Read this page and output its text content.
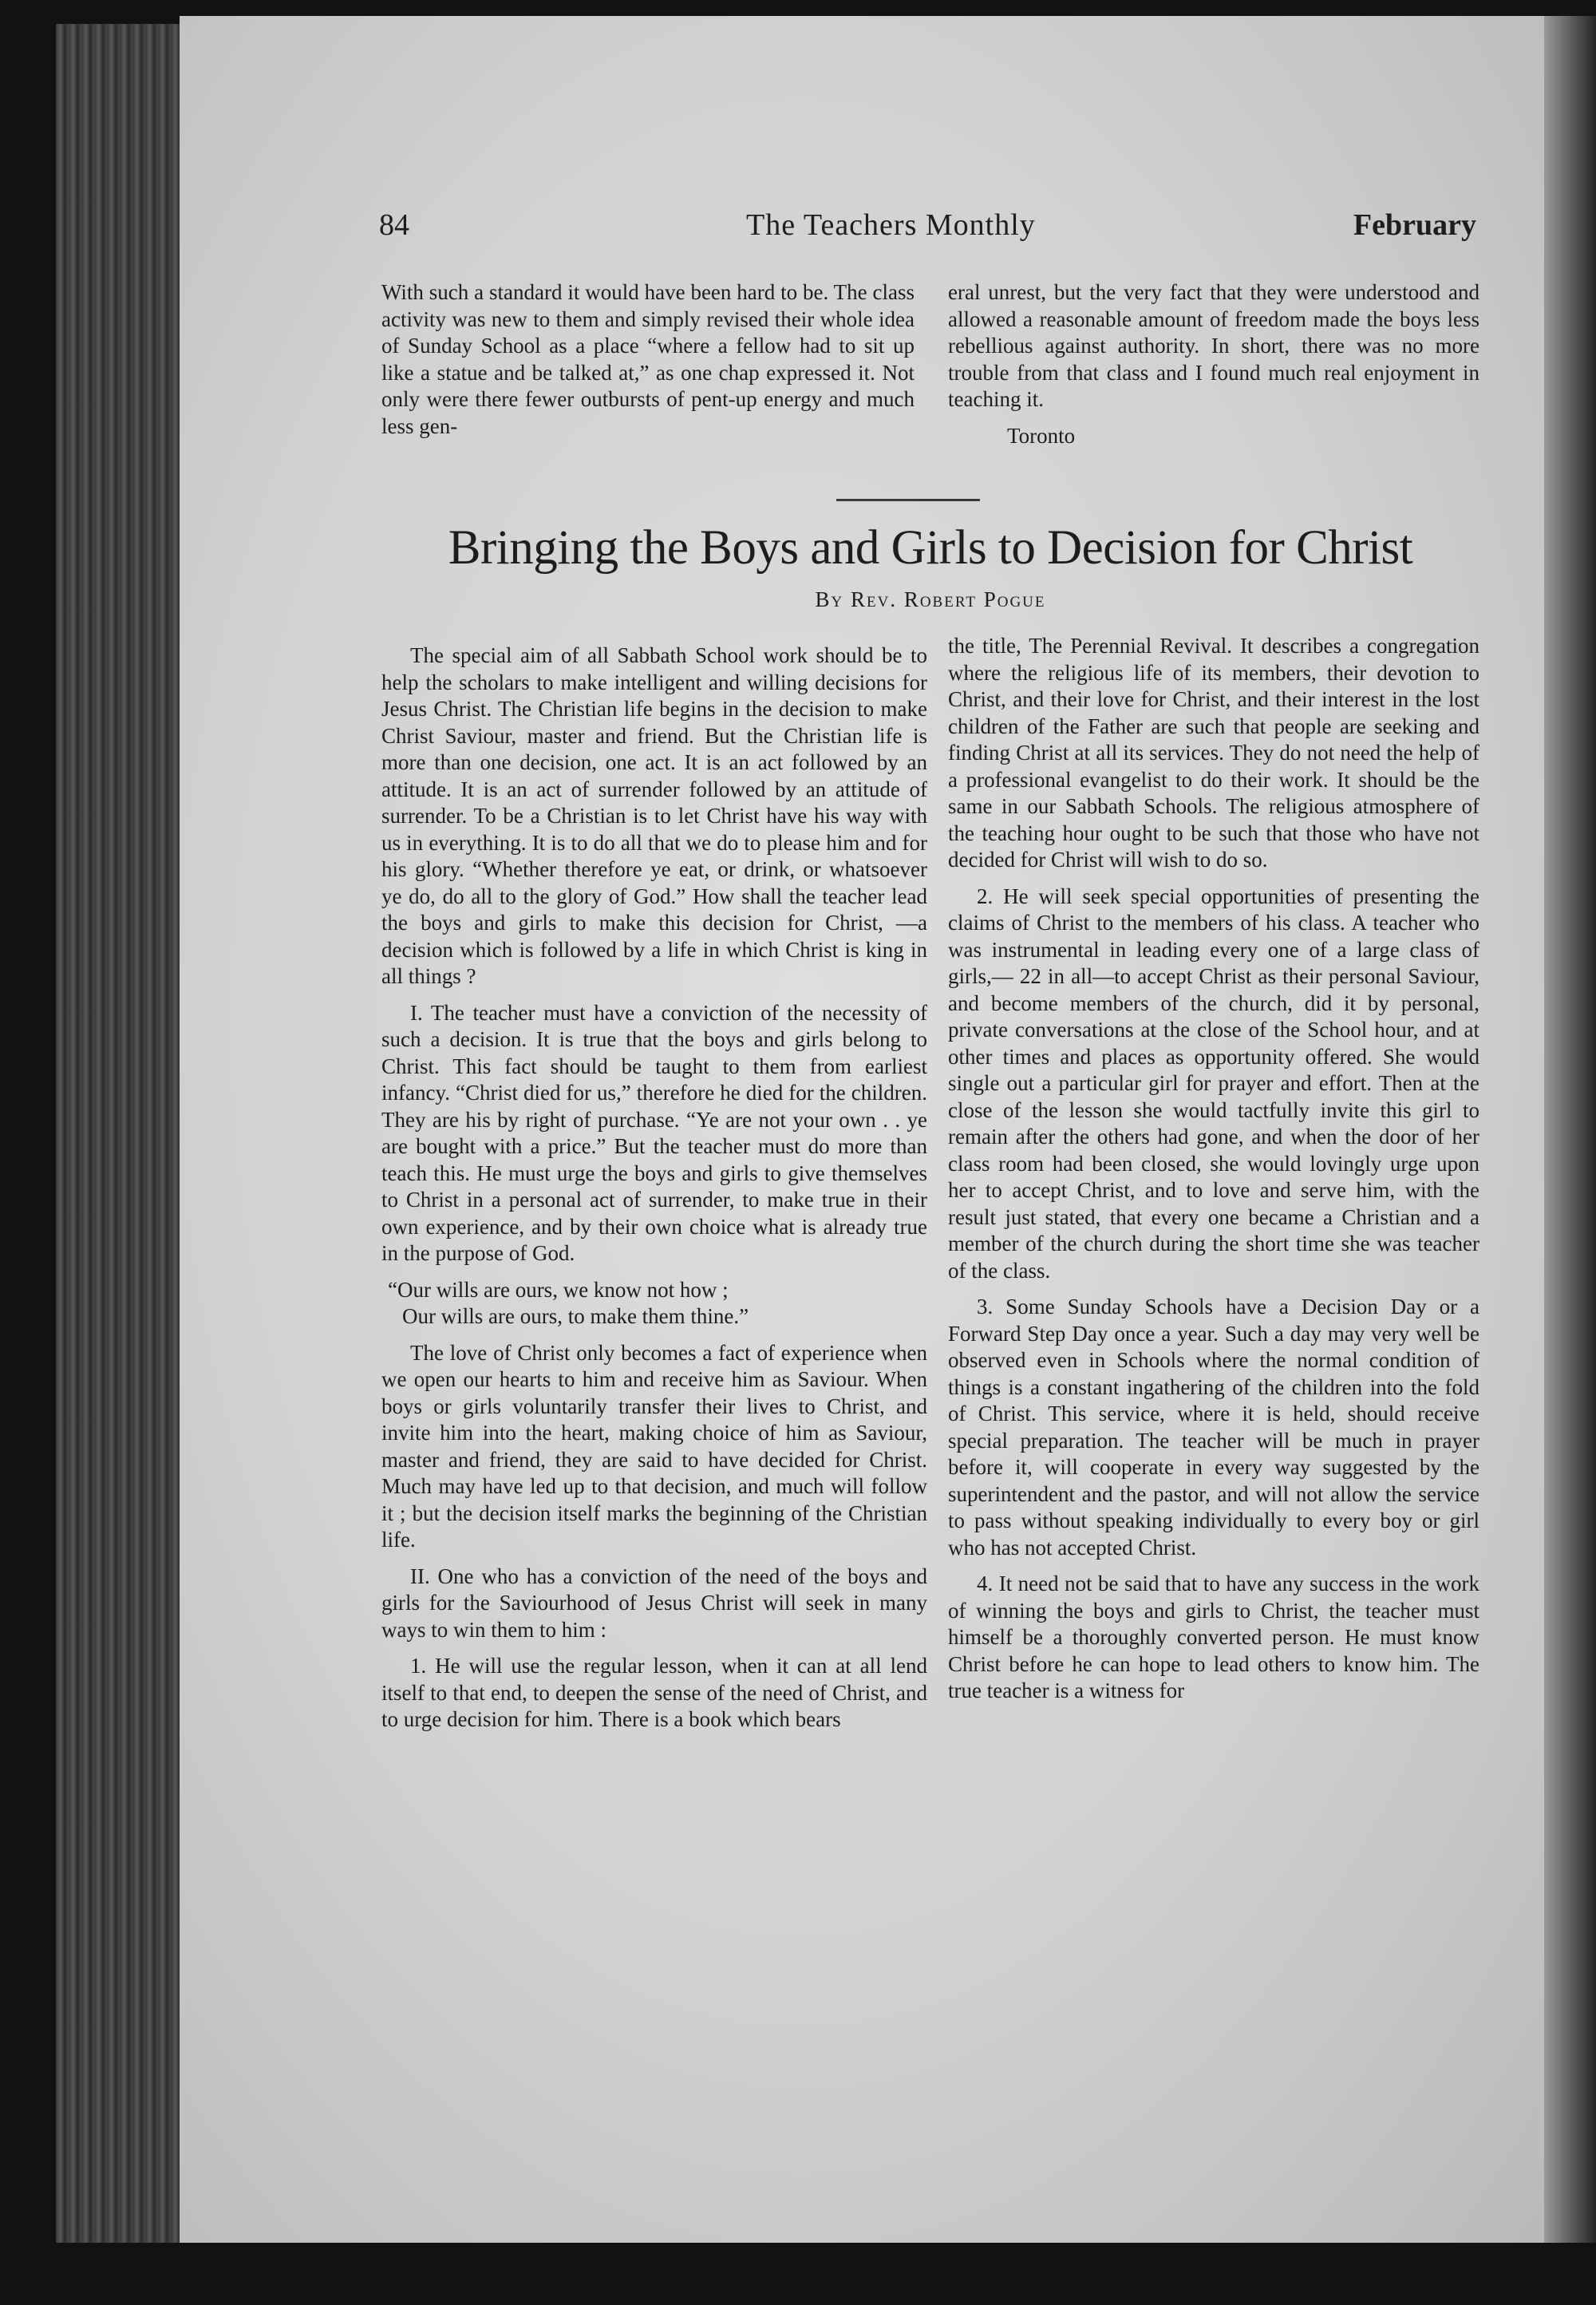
84	The Teachers Monthly	February

With such a standard it would have been hard to be. The class activity was new to them and simply revised their whole idea of Sunday School as a place “where a fellow had to sit up like a statue and be talked at,” as one chap expressed it. Not only were there fewer outbursts of pent-up energy and much less gen-

eral unrest, but the very fact that they were understood and allowed a reasonable amount of freedom made the boys less rebellious against authority. In short, there was no more trouble from that class and I found much real enjoyment in teaching it.

Toronto

Bringing the Boys and Girls to Decision for Christ
By Rev. Robert Pogue

The special aim of all Sabbath School work should be to help the scholars to make intelligent and willing decisions for Jesus Christ. The Christian life begins in the decision to make Christ Saviour, master and friend. But the Christian life is more than one decision, one act. It is an act followed by an attitude. It is an act of surrender followed by an attitude of surrender. To be a Christian is to let Christ have his way with us in everything. It is to do all that we do to please him and for his glory. “Whether therefore ye eat, or drink, or whatsoever ye do, do all to the glory of God.” How shall the teacher lead the boys and girls to make this decision for Christ, —a decision which is followed by a life in which Christ is king in all things ?

I. The teacher must have a conviction of the necessity of such a decision. It is true that the boys and girls belong to Christ. This fact should be taught to them from earliest infancy. “Christ died for us,” therefore he died for the children. They are his by right of purchase. “Ye are not your own . . ye are bought with a price.” But the teacher must do more than teach this. He must urge the boys and girls to give themselves to Christ in a personal act of surrender, to make true in their own experience, and by their own choice what is already true in the purpose of God.

“Our wills are ours, we know not how ;

Our wills are ours, to make them thine.”

The love of Christ only becomes a fact of experience when we open our hearts to him and receive him as Saviour. When boys or girls voluntarily transfer their lives to Christ, and invite him into the heart, making choice of him as Saviour, master and friend, they are said to have decided for Christ. Much may have led up to that decision, and much will follow it ; but the decision itself marks the beginning of the Christian life.

II. One who has a conviction of the need of the boys and girls for the Saviourhood of Jesus Christ will seek in many ways to win them to him :

1. He will use the regular lesson, when it can at all lend itself to that end, to deepen the sense of the need of Christ, and to urge decision for him. There is a book which bears

the title, The Perennial Revival. It describes a congregation where the religious life of its members, their devotion to Christ, and their love for Christ, and their interest in the lost children of the Father are such that people are seeking and finding Christ at all its services. They do not need the help of a professional evangelist to do their work. It should be the same in our Sabbath Schools. The religious atmosphere of the teaching hour ought to be such that those who have not decided for Christ will wish to do so.

2. He will seek special opportunities of presenting the claims of Christ to the members of his class. A teacher who was instrumental in leading every one of a large class of girls,— 22 in all—to accept Christ as their personal Saviour, and become members of the church, did it by personal, private conversations at the close of the School hour, and at other times and places as opportunity offered. She would single out a particular girl for prayer and effort. Then at the close of the lesson she would tactfully invite this girl to remain after the others had gone, and when the door of her class room had been closed, she would lovingly urge upon her to accept Christ, and to love and serve him, with the result just stated, that every one became a Christian and a member of the church during the short time she was teacher of the class.

3. Some Sunday Schools have a Decision Day or a Forward Step Day once a year. Such a day may very well be observed even in Schools where the normal condition of things is a constant ingathering of the children into the fold of Christ. This service, where it is held, should receive special preparation. The teacher will be much in prayer before it, will cooperate in every way suggested by the superintendent and the pastor, and will not allow the service to pass without speaking individually to every boy or girl who has not accepted Christ.

4. It need not be said that to have any success in the work of winning the boys and girls to Christ, the teacher must himself be a thoroughly converted person. He must know Christ before he can hope to lead others to know him. The true teacher is a witness for
